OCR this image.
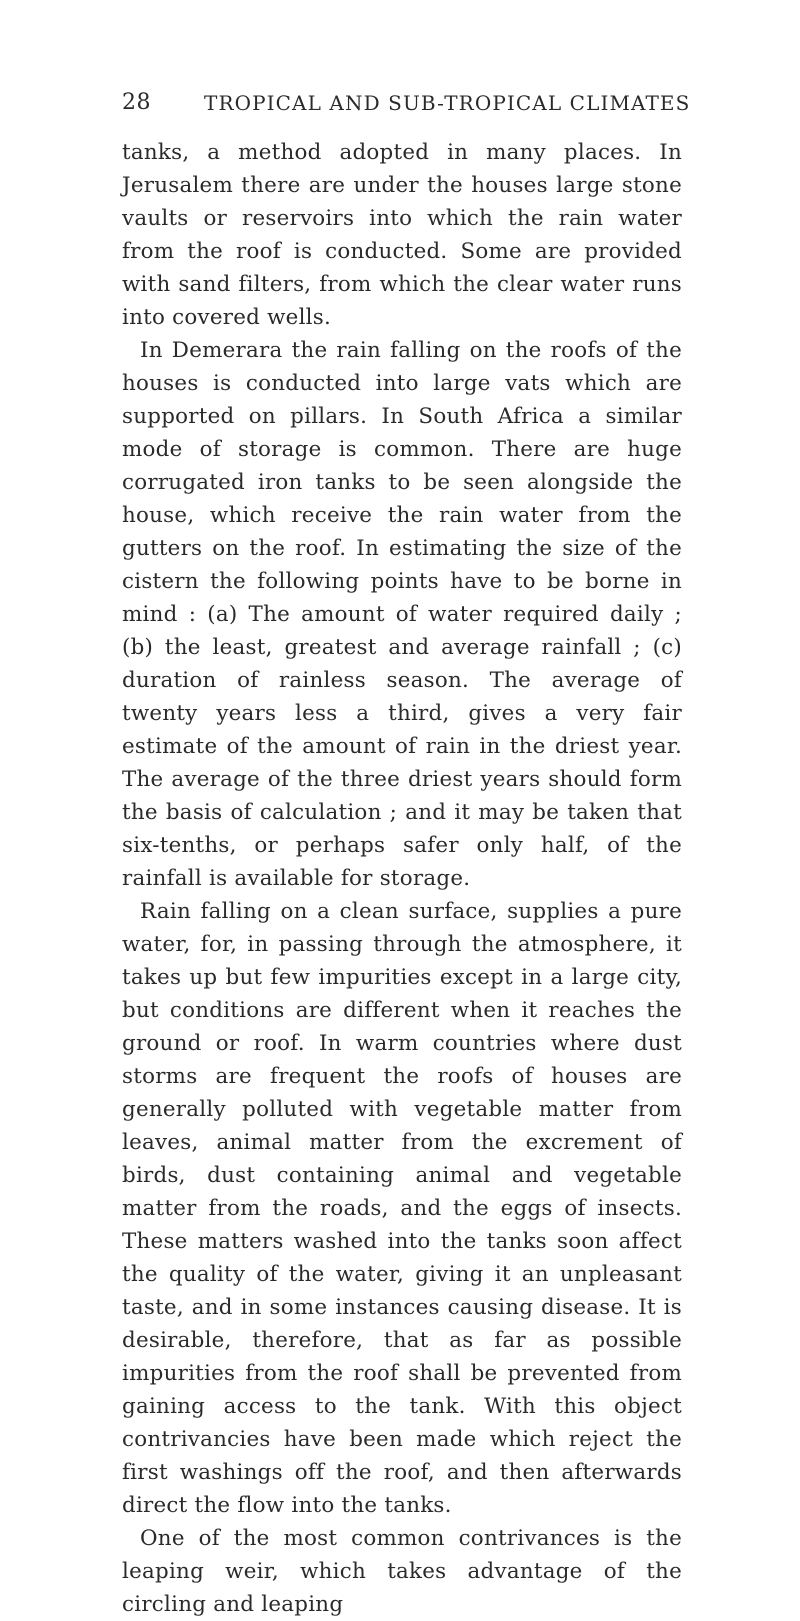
28	TROPICAL AND SUB-TROPICAL CLIMATES

tanks, a method adopted in many places. In Jerusalem there are under the houses large stone vaults or reservoirs into which the rain water from the roof is conducted. Some are provided with sand filters, from which the clear water runs into covered wells.

In Demerara the rain falling on the roofs of the houses is conducted into large vats which are supported on pillars. In South Africa a similar mode of storage is common. There are huge corrugated iron tanks to be seen alongside the house, which receive the rain water from the gutters on the roof. In estimating the size of the cistern the following points have to be borne in mind : (a) The amount of water required daily ; (b) the least, greatest and average rainfall ; (c) duration of rainless season. The average of twenty years less a third, gives a very fair estimate of the amount of rain in the driest year. The average of the three driest years should form the basis of calculation ; and it may be taken that six-tenths, or perhaps safer only half, of the rainfall is available for storage.

Rain falling on a clean surface, supplies a pure water, for, in passing through the atmosphere, it takes up but few impurities except in a large city, but conditions are different when it reaches the ground or roof. In warm countries where dust storms are frequent the roofs of houses are generally polluted with vegetable matter from leaves, animal matter from the excrement of birds, dust containing animal and vegetable matter from the roads, and the eggs of insects. These matters washed into the tanks soon affect the quality of the water, giving it an unpleasant taste, and in some instances causing disease. It is desirable, therefore, that as far as possible impurities from the roof shall be prevented from gaining access to the tank. With this object contrivancies have been made which reject the first washings off the roof, and then afterwards direct the flow into the tanks.

One of the most common contrivances is the leaping weir, which takes advantage of the circling and leaping
